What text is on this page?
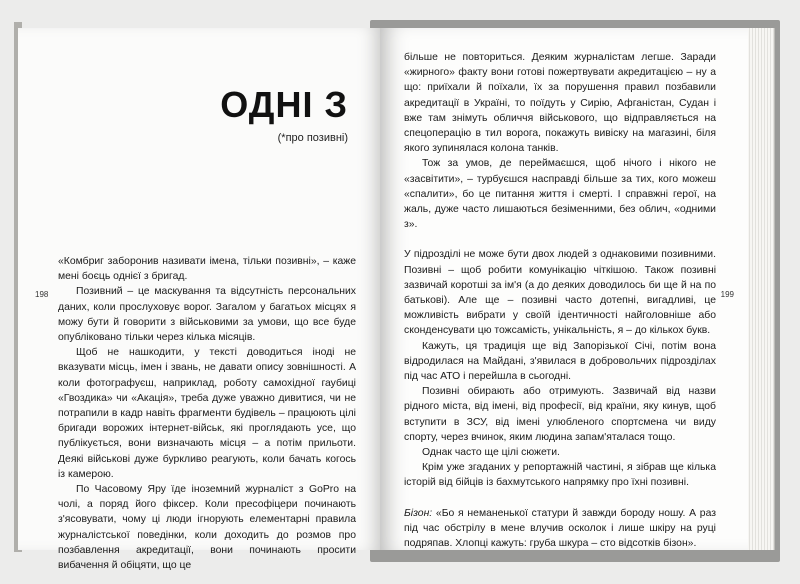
ОДНІ З
(*про позивні)
198

«Комбриг заборонив називати імена, тільки позивні», – каже мені боєць однієї з бригад.

Позивний – це маскування та відсутність персональних даних, коли прослуховує ворог. Загалом у багатьох місцях я можу бути й говорити з військовими за умови, що все буде опубліковано тільки через кілька місяців.

Щоб не нашкодити, у тексті доводиться іноді не вказувати місць, імен і звань, не давати опису зовнішності. А коли фотографуєш, наприклад, роботу самохідної гаубиці «Гвоздика» чи «Акація», треба дуже уважно дивитися, чи не потрапили в кадр навіть фрагменти будівель – працюють цілі бригади ворожих інтернет-військ, які проглядають усе, що публікується, вони визначають місця – а потім прильоти. Деякі військові дуже буркливо реагують, коли бачать когось із камерою.

По Часовому Яру їде іноземний журналіст з GoPro на чолі, а поряд його фіксер. Коли пресофіцери починають з'ясовувати, чому ці люди ігнорують елементарні правила журналістської поведінки, коли доходить до розмов про позбавлення акредитації, вони починають просити вибачення й обіцяти, що це

199

більше не повториться. Деяким журналістам легше. Заради «жирного» факту вони готові пожертвувати акредитацією – ну а що: приїхали й поїхали, їх за порушення правил позбавили акредитації в Україні, то поїдуть у Сирію, Афганістан, Судан і вже там знімуть обличчя військового, що відправляється на спецоперацію в тил ворога, покажуть вивіску на магазині, біля якого зупинялася колона танків.

Тож за умов, де переймаєшся, щоб нічого і нікого не «засвітити», – турбуєшся насправді більше за тих, кого можеш «спалити», бо це питання життя і смерті. І справжні герої, на жаль, дуже часто лишаються безіменними, без облич, «одними з».

У підрозділі не може бути двох людей з однаковими позивними. Позивні – щоб робити комунікацію чіткішою. Також позивні зазвичай коротші за ім'я (а до деяких доводилось би ще й на по батькові). Але ще – позивні часто дотепні, вигадливі, це можливість вибрати у своїй ідентичності найголовніше або сконденсувати цю тожсамість, унікальність, я – до кількох букв.

Кажуть, ця традиція ще від Запорізької Січі, потім вона відродилася на Майдані, з'явилася в добровольчих підрозділах під час АТО і перейшла в сьогодні.

Позивні обирають або отримують. Зазвичай від назви рідного міста, від імені, від професії, від країни, яку кинув, щоб вступити в ЗСУ, від імені улюбленого спортсмена чи виду спорту, через вчинок, яким людина запам'яталася тощо.

Однак часто ще цілі сюжети.

Крім уже згаданих у репортажній частині, я зібрав ще кілька історій від бійців із бахмутського напрямку про їхні позивні.

Бізон: «Бо я неманенької статури й завжди бороду ношу. А раз під час обстрілу в мене влучив осколок і лише шкіру на руці подряпав. Хлопці кажуть: груба шкура – сто відсотків бізон».
